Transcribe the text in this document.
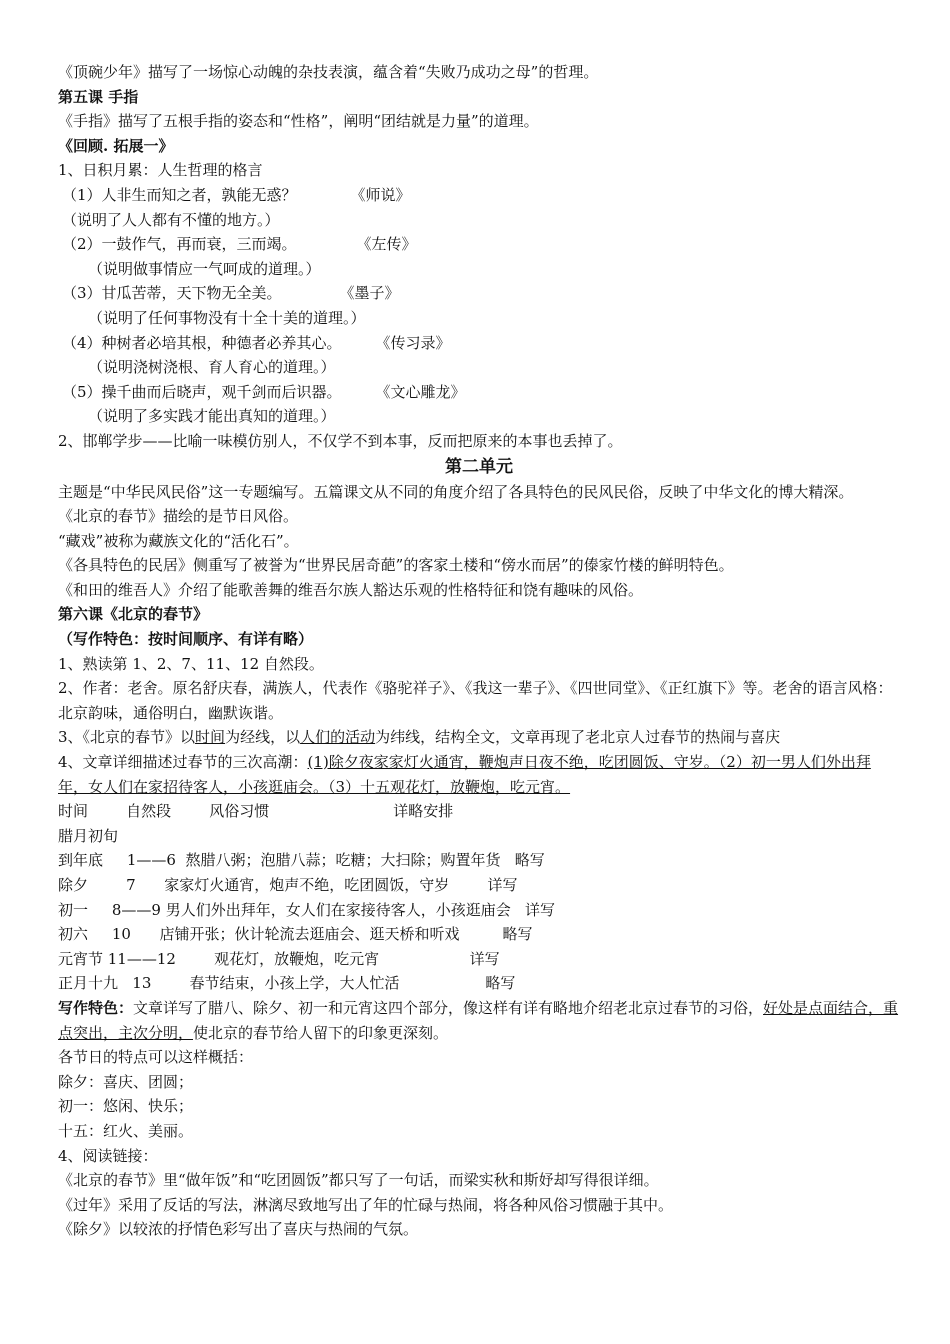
《顶碗少年》描写了一场惊心动魄的杂技表演，蕴含着“失败乃成功之母”的哲理。
第五课 手指
《手指》描写了五根手指的姿态和“性格”，阐明“团结就是力量”的道理。
《回顾. 拓展一》
1、日积月累：人生哲理的格言
（1）人非生而知之者，孰能无惑？	《师说》
（说明了人人都有不懂的地方。）
（2）一鼓作气，再而衰，三而竭。	《左传》
（说明做事情应一气呵成的道理。）
（3）甘瓜苦蒂，天下物无全美。	《墨子》
（说明了任何事物没有十全十美的道理。）
（4）种树者必培其根，种德者必养其心。 《传习录》
（说明浇树浇根、育人育心的道理。）
（5）操千曲而后晓声，观千剑而后识器。 《文心雕龙》
（说明了多实践才能出真知的道理。）
2、邯郸学步——比喻一味模仿别人，不仅学不到本事，反而把原来的本事也丢掉了。
第二单元
主题是“中华民风民俗”这一专题编写。五篇课文从不同的角度介绍了各具特色的民风民俗，反映了中华文化的博大精深。
《北京的春节》描绘的是节日风俗。
“藏戏”被称为藏族文化的“活化石”。
《各具特色的民居》侧重写了被誉为“世界民居奇葩”的客家土楼和“傍水而居”的傣家竹楼的鲜明特色。
《和田的维吾人》介绍了能歌善舞的维吾尔族人豁达乐观的性格特征和饶有趣味的风俗。
第六课《北京的春节》
（写作特色：按时间顺序、有详有略）
1、熟读第 1、2、7、11、12 自然段。
2、作者：老舍。原名舒庆春，满族人，代表作《骆驼祥子》、《我这一辈子》、《四世同堂》、《正红旗下》等。老舍的语言风格：北京韵味，通俗明白，幽默诙谐。
3、《北京的春节》以时间为经线，以人们的活动为纬线，结构全文，文章再现了老北京人过春节的热闹与喜庆
4、文章详细描述过春节的三次高潮：(1)除夕夜家家灯火通宵，鞭炮声日夜不绝，吃团圆饭、守岁。（2）初一男人们外出拜年，女人们在家招待客人，小孩逛庙会。（3）十五观花灯，放鞭炮，吃元宵。
时间        自然段        风俗习惯                          详略安排
腊月初旬
到年底     1——6  熬腊八粥；泡腊八蒜；吃糖；大扫除；购置年货   略写
除夕        7      家家灯火通宵，炮声不绝，吃团圆饭，守岁        详写
初一     8——9 男人们外出拜年，女人们在家接待客人，小孩逛庙会   详写
初六     10      店铺开张；伙计轮流去逛庙会、逛天桥和听戏         略写
元宵节 11——12        观花灯，放鞭炮，吃元宵                   详写
正月十九   13        春节结束，小孩上学，大人忙活                  略写
写作特色：文章详写了腊八、除夕、初一和元宵这四个部分，像这样有详有略地介绍老北京过春节的习俗，好处是点面结合，重点突出，主次分明，使北京的春节给人留下的印象更深刻。
各节日的特点可以这样概括：
除夕：喜庆、团圆；
初一：悠闲、快乐；
十五：红火、美丽。
4、阅读链接：
《北京的春节》里“做年饭”和“吃团圆饭”都只写了一句话，而梁实秋和斯妤却写得很详细。
《过年》采用了反话的写法，淋漓尽致地写出了年的忙碌与热闹，将各种风俗习惯融于其中。
《除夕》以较浓的抒情色彩写出了喜庆与热闹的气氛。
